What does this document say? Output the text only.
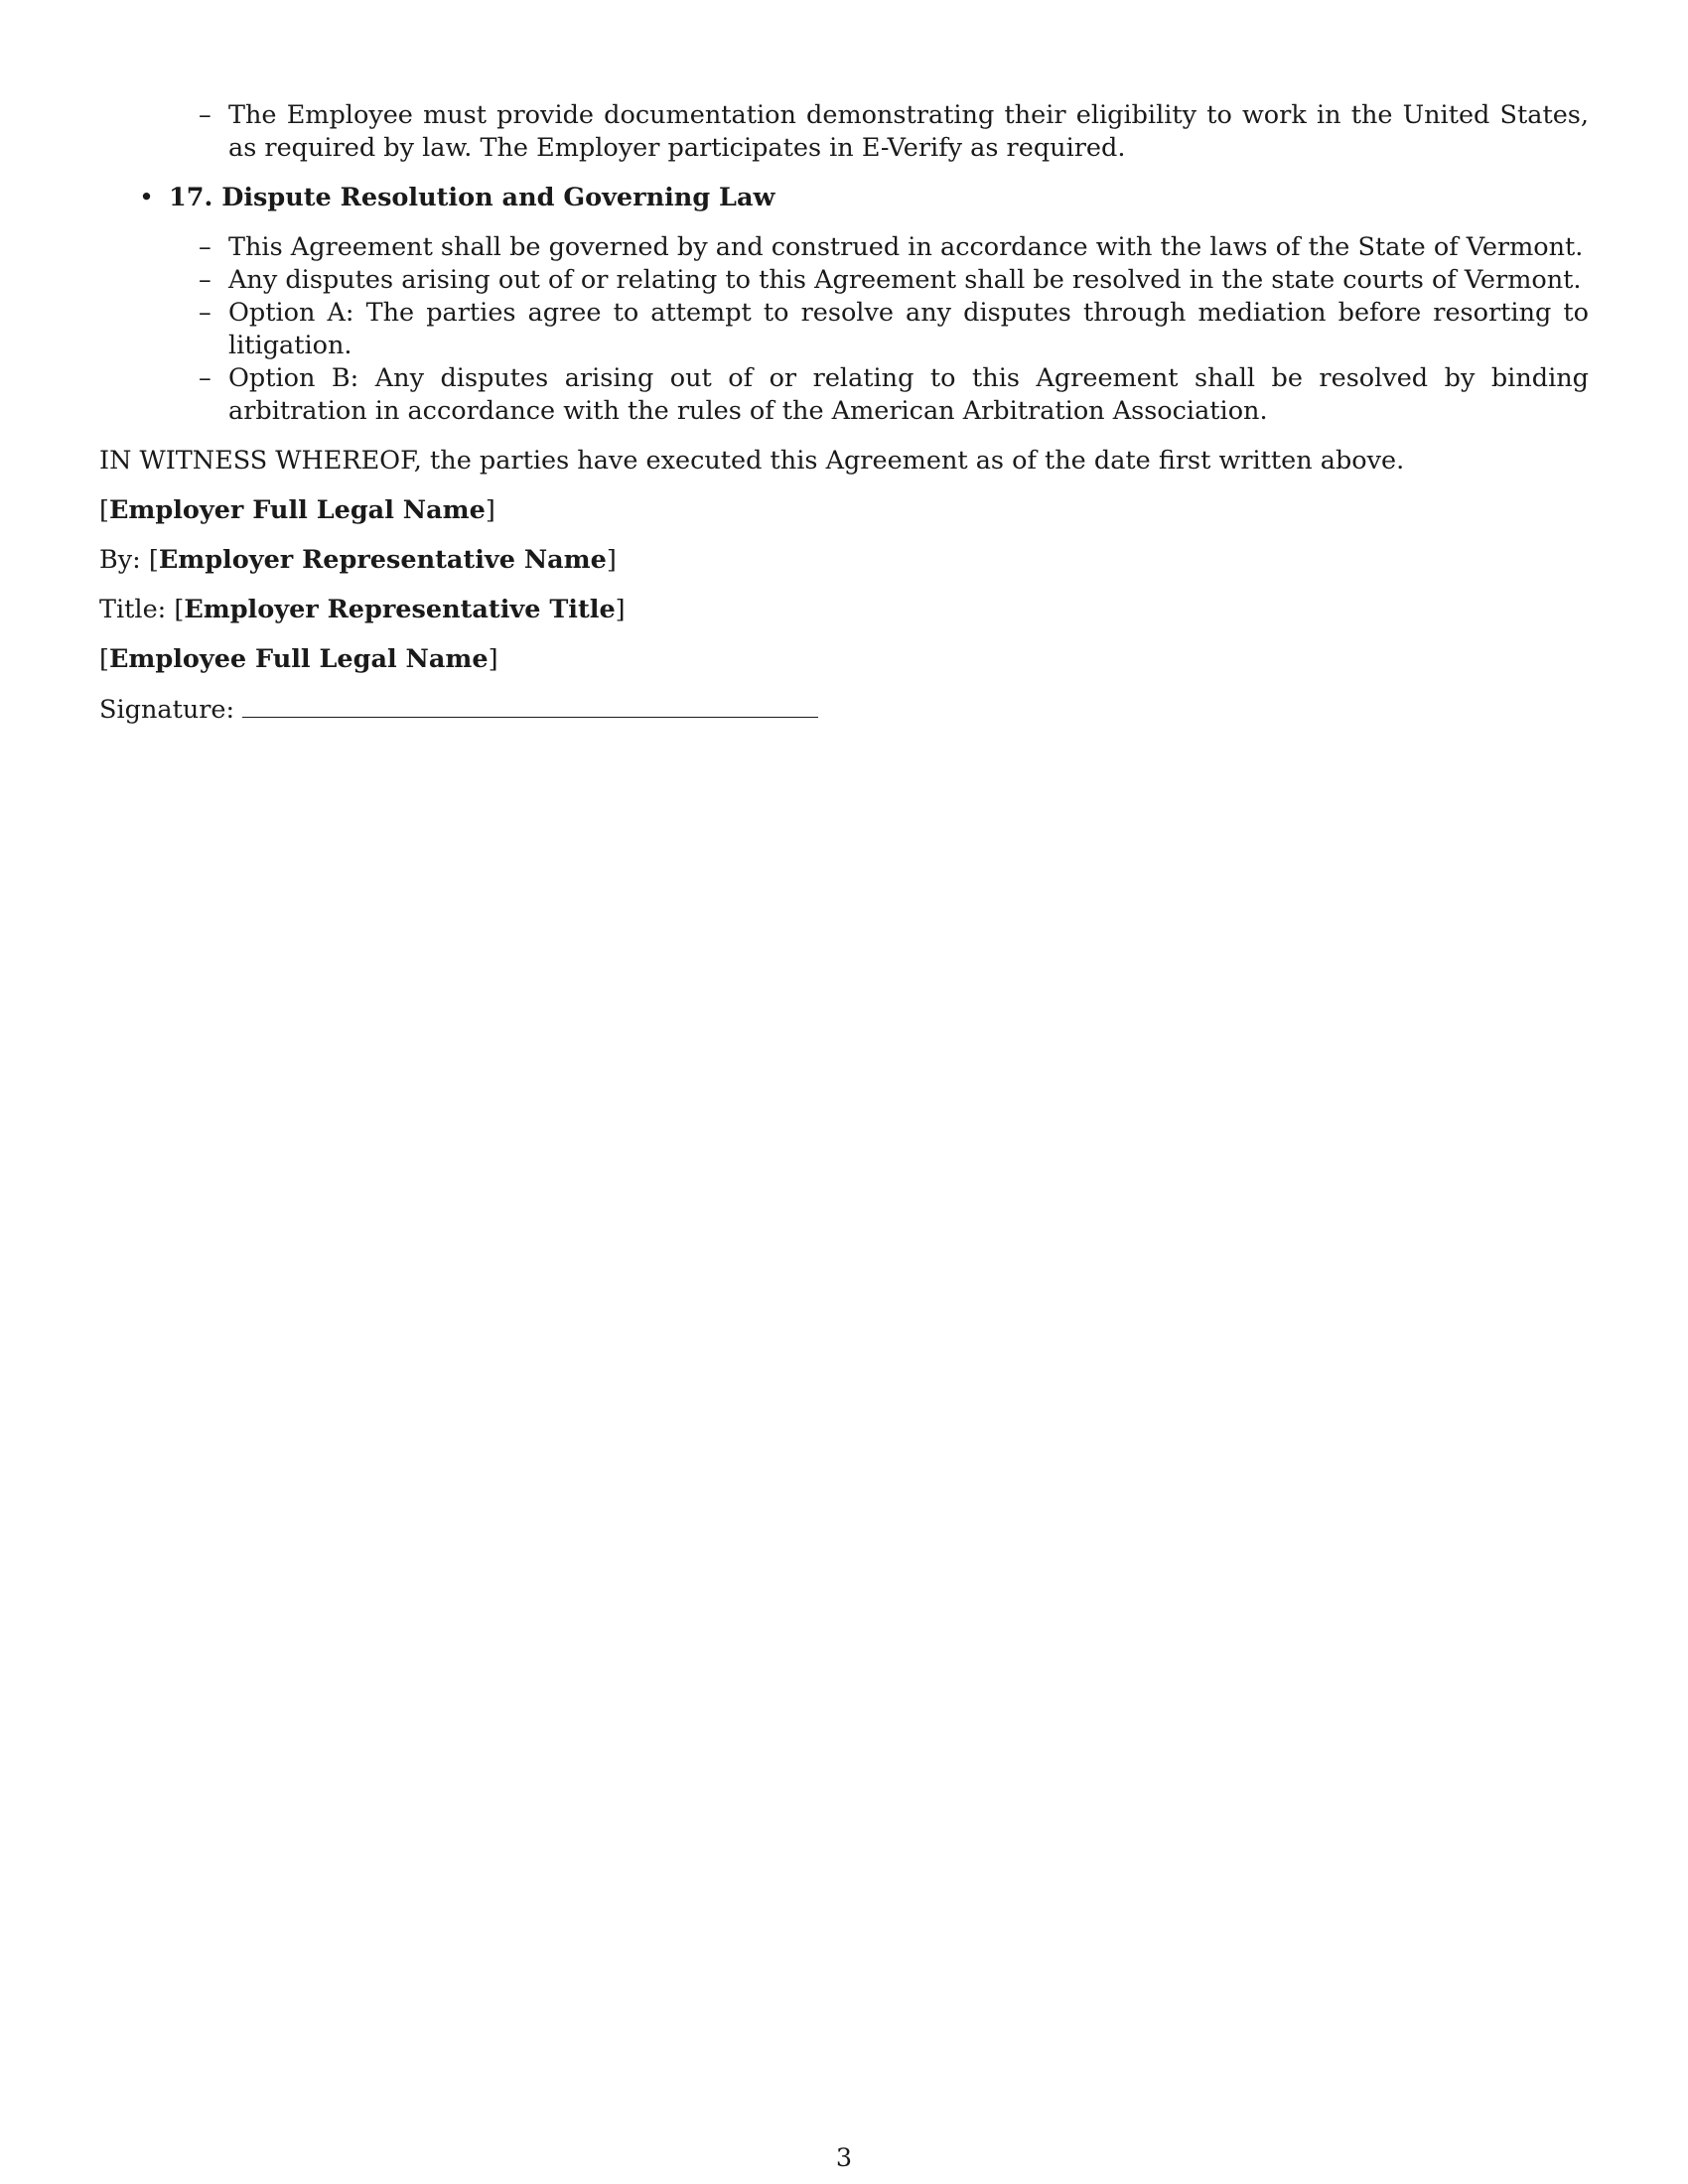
– The Employee must provide documentation demonstrating their eligibility to work in the United States, as required by law. The Employer participates in E-Verify as required.
• 17. Dispute Resolution and Governing Law
– This Agreement shall be governed by and construed in accordance with the laws of the State of Vermont.
– Any disputes arising out of or relating to this Agreement shall be resolved in the state courts of Vermont.
– Option A: The parties agree to attempt to resolve any disputes through mediation before resorting to litigation.
– Option B: Any disputes arising out of or relating to this Agreement shall be resolved by binding arbitration in accordance with the rules of the American Arbitration Association.

IN WITNESS WHEREOF, the parties have executed this Agreement as of the date first written above.

[Employer Full Legal Name]

By: [Employer Representative Name]

Title: [Employer Representative Title]

[Employee Full Legal Name]

Signature:

3
